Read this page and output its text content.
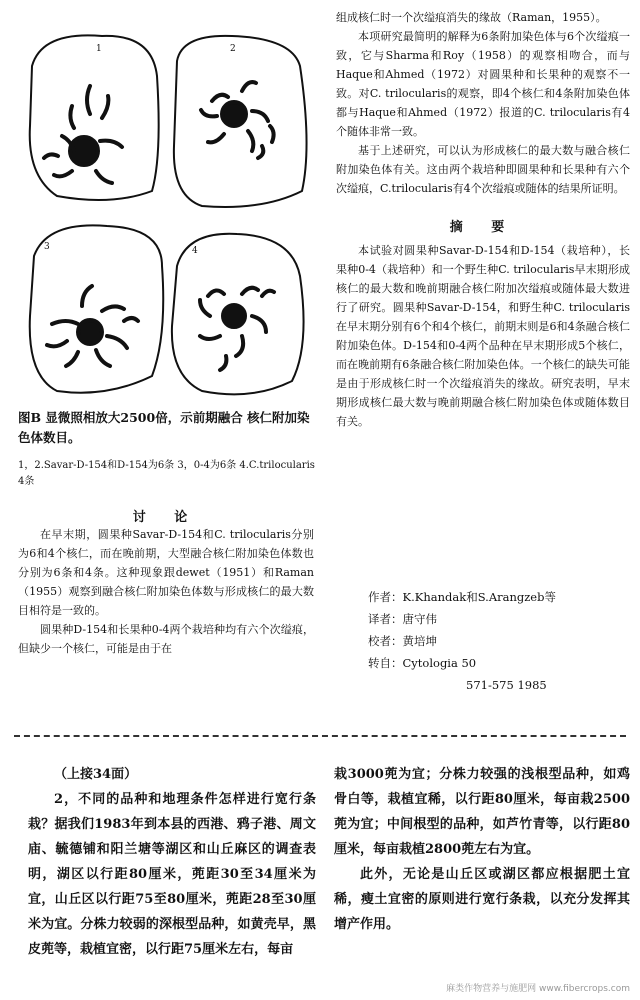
1	2
3	4
图B 显微照相放大2500倍，示前期融合 核仁附加染色体数目。
1，2.Savar-D-154和D-154为6条 3，0-4为6条 4.C.trilocularis 4条
讨 论

在早末期，圆果种Savar-D-154和C. trilocularis分别为6和4个核仁，而在晚前期，大型融合核仁附加染色体数也分别为6条和4条。这种现象跟dewet（1951）和Raman（1955）观察到融合核仁附加染色体数与形成核仁的最大数目相符是一致的。

圆果种D-154和长果种0-4两个栽培种均有六个次缢痕，但缺少一个核仁，可能是由于在

组成核仁时一个次缢痕消失的缘故（Raman，1955）。

本项研究最简明的解释为6条附加染色体与6个次缢痕一致，它与Sharma和Roy（1958）的观察相吻合，而与Haque和Ahmed（1972）对圆果种和长果种的观察不一致。对C. trilocularis的观察，即4个核仁和4条附加染色体都与Haque和Ahmed（1972）报道的C. trilocularis有4个随体非常一致。

基于上述研究，可以认为形成核仁的最大数与融合核仁附加染色体有关。这由两个栽培种即圆果种和长果种有六个次缢痕，C.trilocularis有4个次缢痕或随体的结果所证明。

摘 要

本试验对圆果种Savar-D-154和D-154（栽培种），长果种0-4（栽培种）和一个野生种C. trilocularis早末期形成核仁的最大数和晚前期融合核仁附加次缢痕或随体最大数进行了研究。圆果种Savar-D-154，和野生种C. trilocularis在早末期分别有6个和4个核仁，前期末则是6和4条融合核仁附加染色体。D-154和0-4两个品种在早末期形成5个核仁，而在晚前期有6条融合核仁附加染色体。一个核仁的缺失可能是由于形成核仁时一个次缢痕消失的缘故。研究表明，早末期形成核仁最大数与晚前期融合核仁附加染色体或随体数目有关。

作者：K.Khandak和S.Arangzeb等
译者：唐守伟
校者：黄培坤
转自：Cytologia 50
571-575 1985
（上接34面）

2，不同的品种和地理条件怎样进行宽行条栽？据我们1983年到本县的西港、鸦子港、周文庙、毓德铺和阳兰塘等湖区和山丘麻区的调查表明，湖区以行距80厘米，蔸距30至34厘米为宜，山丘区以行距75至80厘米，蔸距28至30厘米为宜。分株力较弱的深根型品种，如黄壳早，黑皮蔸等，栽植宜密，以行距75厘米左右，每亩

栽3000蔸为宜；分株力较强的浅根型品种，如鸡骨白等，栽植宜稀，以行距80厘米，每亩栽2500蔸为宜；中间根型的品种，如芦竹青等，以行距80厘米，每亩栽植2800蔸左右为宜。

此外，无论是山丘区或湖区都应根据肥土宜稀，瘦土宜密的原则进行宽行条栽，以充分发挥其增产作用。

麻类作物营养与施肥网 www.fibercrops.com
